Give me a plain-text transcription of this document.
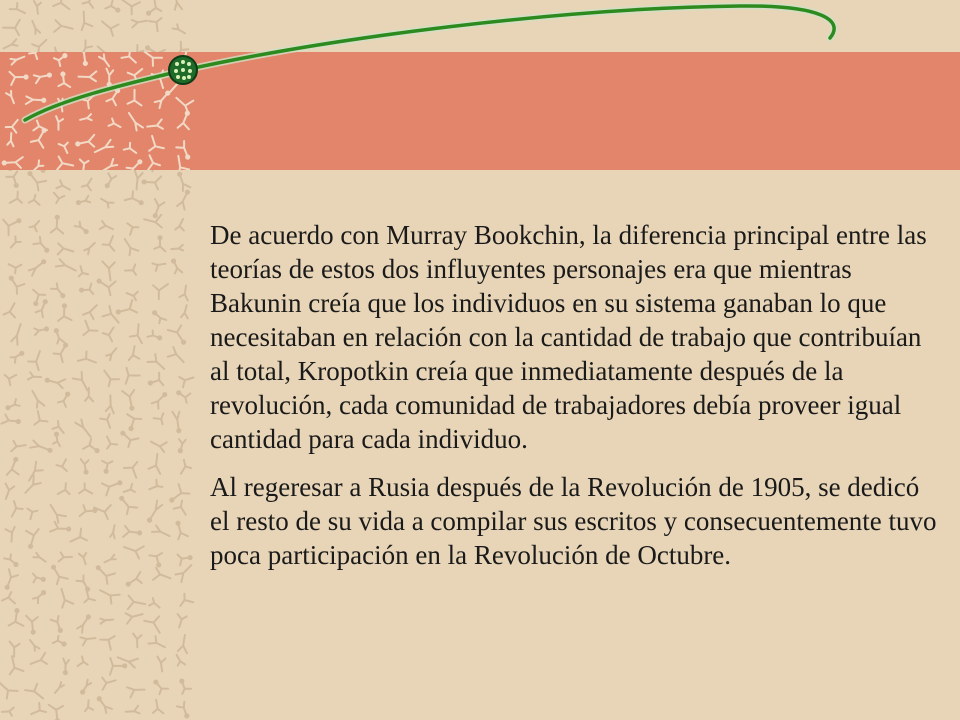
De acuerdo con Murray Bookchin, la diferencia principal entre las teorías de estos dos influyentes personajes era que mientras Bakunin creía que los individuos en su sistema ganaban lo que necesitaban en relación con la cantidad de trabajo que contribuían al total, Kropotkin creía que inmediatamente después de la revolución, cada comunidad de trabajadores debía proveer igual cantidad para cada individuo.

Al regeresar a Rusia después de la Revolución de 1905, se dedicó el resto de su vida a compilar sus escritos y consecuentemente tuvo poca participación en la Revolución de Octubre.
